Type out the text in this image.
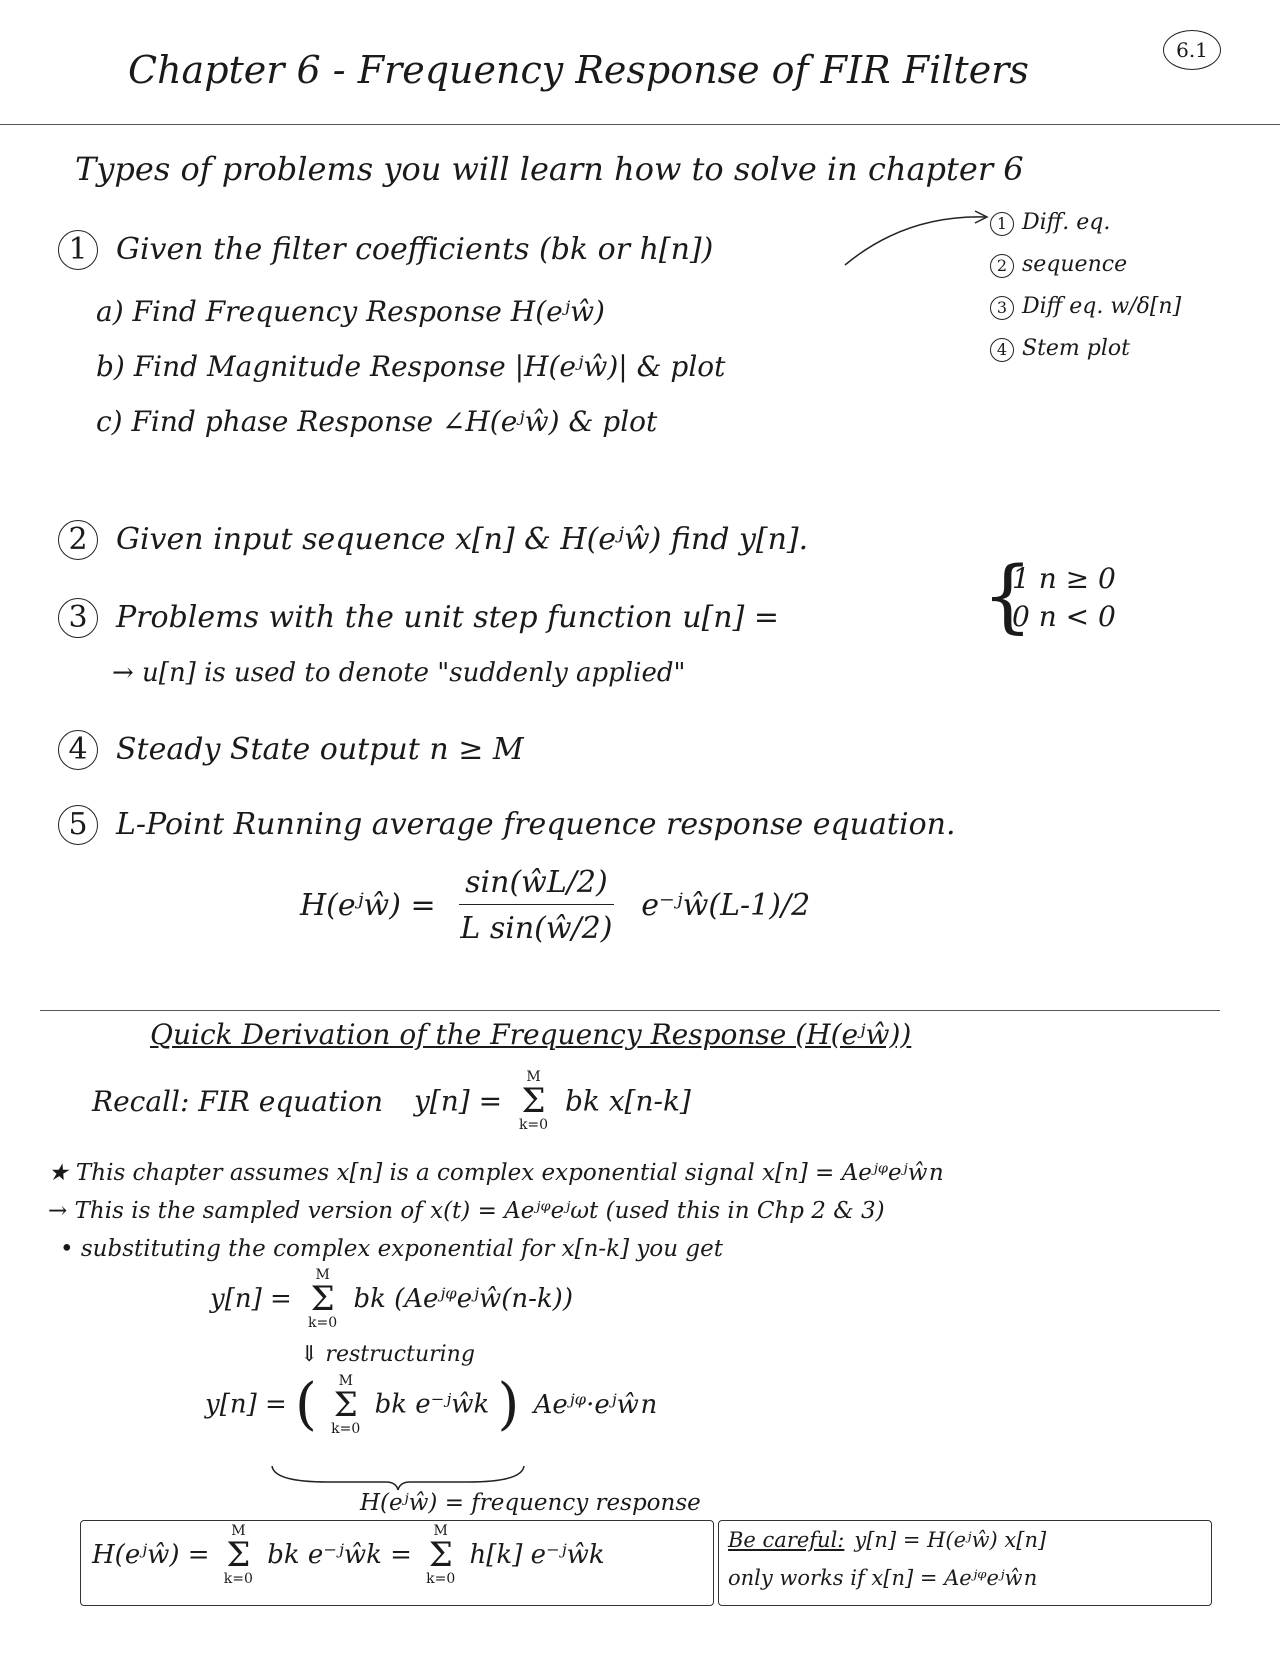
Chapter 6 - Frequency Response of FIR Filters	6.1
Types of problems you will learn how to solve in chapter 6
1 Given the filter coefficients (bk or h[n])
a) Find Frequency Response H(eʲŵ)
b) Find Magnitude Response |H(eʲŵ)| & plot
c) Find phase Response ∠H(eʲŵ) & plot
1 Diff. eq.
2 sequence
3 Diff eq. w/δ[n]
4 Stem plot
2 Given input sequence x[n] & H(eʲŵ) find y[n].
3 Problems with the unit step function u[n] =	{
1 n ≥ 0
0 n < 0
→ u[n] is used to denote "suddenly applied"
4 Steady State output n ≥ M
5 L-Point Running average frequence response equation.
H(eʲŵ) = $\frac{\sin(ŵL/2)}{\text{L sin(ŵ/2)}}$ e⁻ʲŵ(L-1)/2
Quick Derivation of the Frequency Response (H(eʲŵ))
Recall: FIR equation y[n] =
M
Σ
k=0
bk x[n-k]
★ This chapter assumes x[n] is a complex exponential signal x[n] = Aeʲᵠeʲŵn
→ This is the sampled version of x(t) = Aeʲᵠeʲωt (used this in Chp 2 & 3)
• substituting the complex exponential for x[n-k] you get
y[n] =
M
Σ
k=0
bk (Aeʲᵠeʲŵ(n-k))
⇓ restructuring
y[n] = (	M
Σ
k=0
bk e⁻ʲŵk ) Aeʲᵠ·eʲŵn
H(eʲŵ) = frequency response
H(eʲŵ) =
M
Σ
k=0
bk e⁻ʲŵk =
M
Σ
k=0
h[k] e⁻ʲŵk	Be careful: y[n] = H(eʲŵ) x[n]
only works if x[n] = Aeʲᵠeʲŵn
